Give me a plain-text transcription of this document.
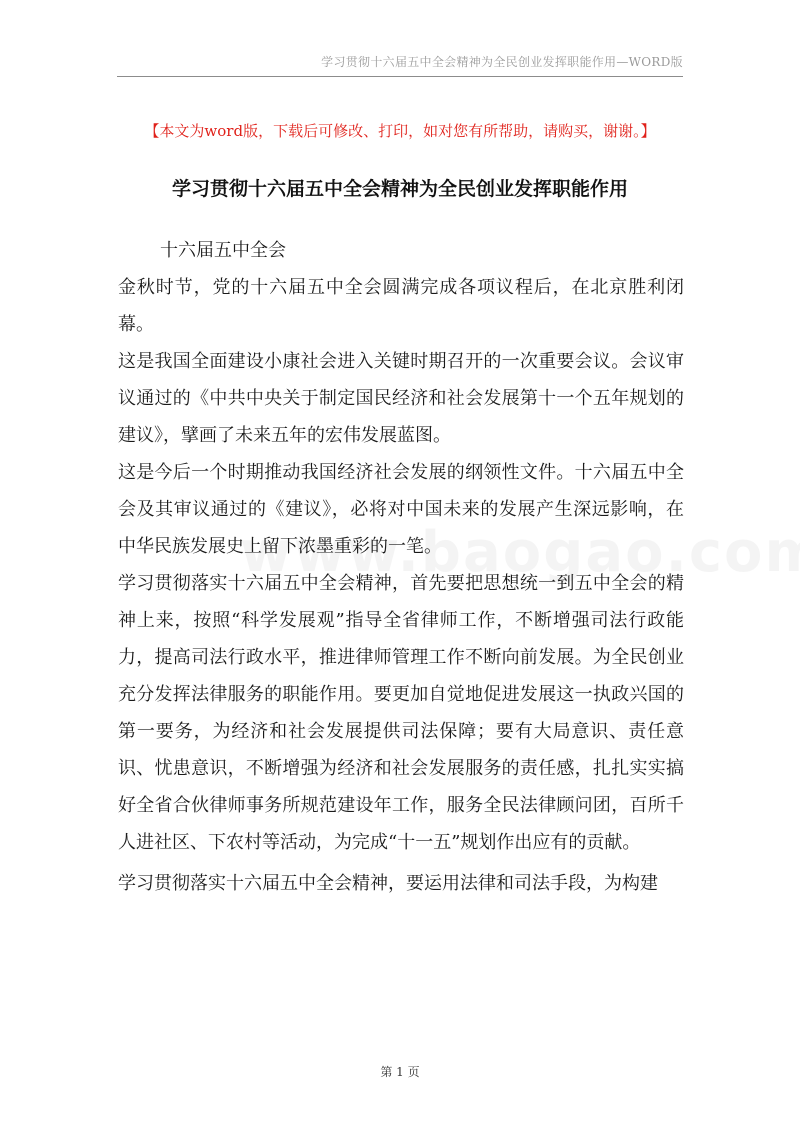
学习贯彻十六届五中全会精神为全民创业发挥职能作用—WORD版
【本文为word版，下载后可修改、打印，如对您有所帮助，请购买，谢谢。】
学习贯彻十六届五中全会精神为全民创业发挥职能作用

十六届五中全会

金秋时节，党的十六届五中全会圆满完成各项议程后，在北京胜利闭幕。

这是我国全面建设小康社会进入关键时期召开的一次重要会议。会议审议通过的《中共中央关于制定国民经济和社会发展第十一个五年规划的建议》，擘画了未来五年的宏伟发展蓝图。

这是今后一个时期推动我国经济社会发展的纲领性文件。十六届五中全会及其审议通过的《建议》，必将对中国未来的发展产生深远影响，在中华民族发展史上留下浓墨重彩的一笔。

学习贯彻落实十六届五中全会精神，首先要把思想统一到五中全会的精神上来，按照“科学发展观”指导全省律师工作，不断增强司法行政能力，提高司法行政水平，推进律师管理工作不断向前发展。为全民创业充分发挥法律服务的职能作用。要更加自觉地促进发展这一执政兴国的第一要务，为经济和社会发展提供司法保障；要有大局意识、责任意识、忧患意识，不断增强为经济和社会发展服务的责任感，扎扎实实搞好全省合伙律师事务所规范建设年工作，服务全民法律顾问团，百所千人进社区、下农村等活动，为完成“十一五”规划作出应有的贡献。

学习贯彻落实十六届五中全会精神，要运用法律和司法手段，为构建

第 1 页
